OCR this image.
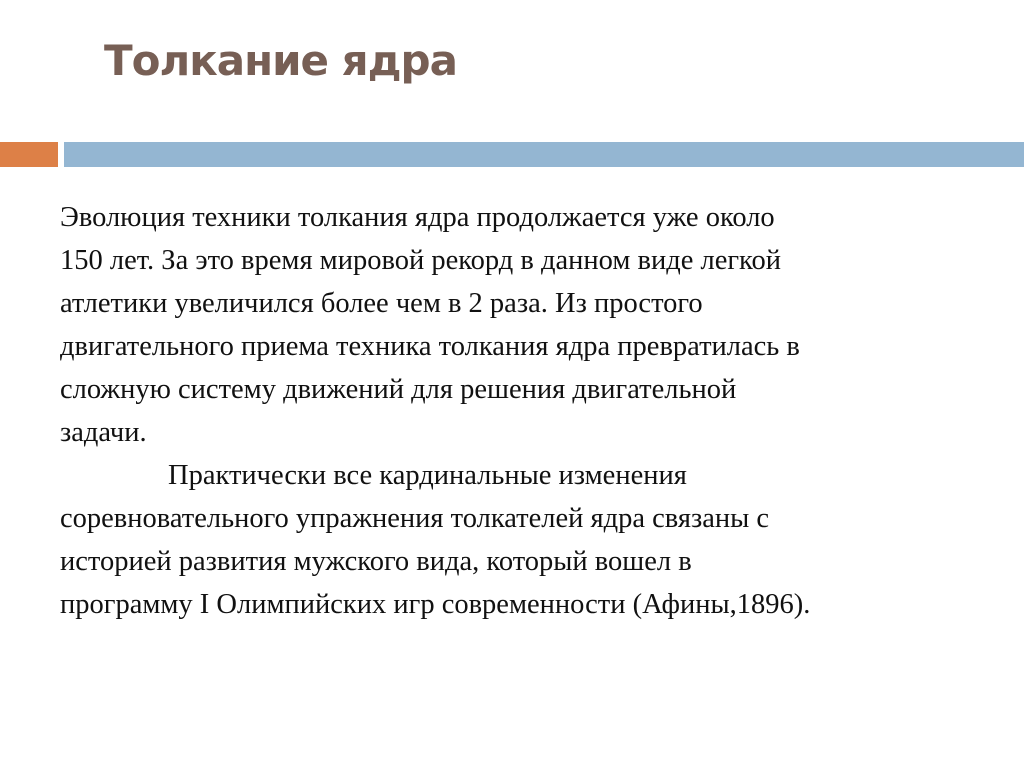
Толкание ядра

Эволюция техники толкания ядра продолжается уже около
150 лет. За это время мировой рекорд в данном виде легкой
атлетики увеличился более чем в 2 раза. Из простого
двигательного приема техника толкания ядра превратилась в
сложную систему движений для решения двигательной
задачи.

Практически все кардинальные изменения
соревновательного упражнения толкателей ядра связаны с
историей развития мужского вида, который вошел в
программу I Олимпийских игр современности (Афины,1896).
